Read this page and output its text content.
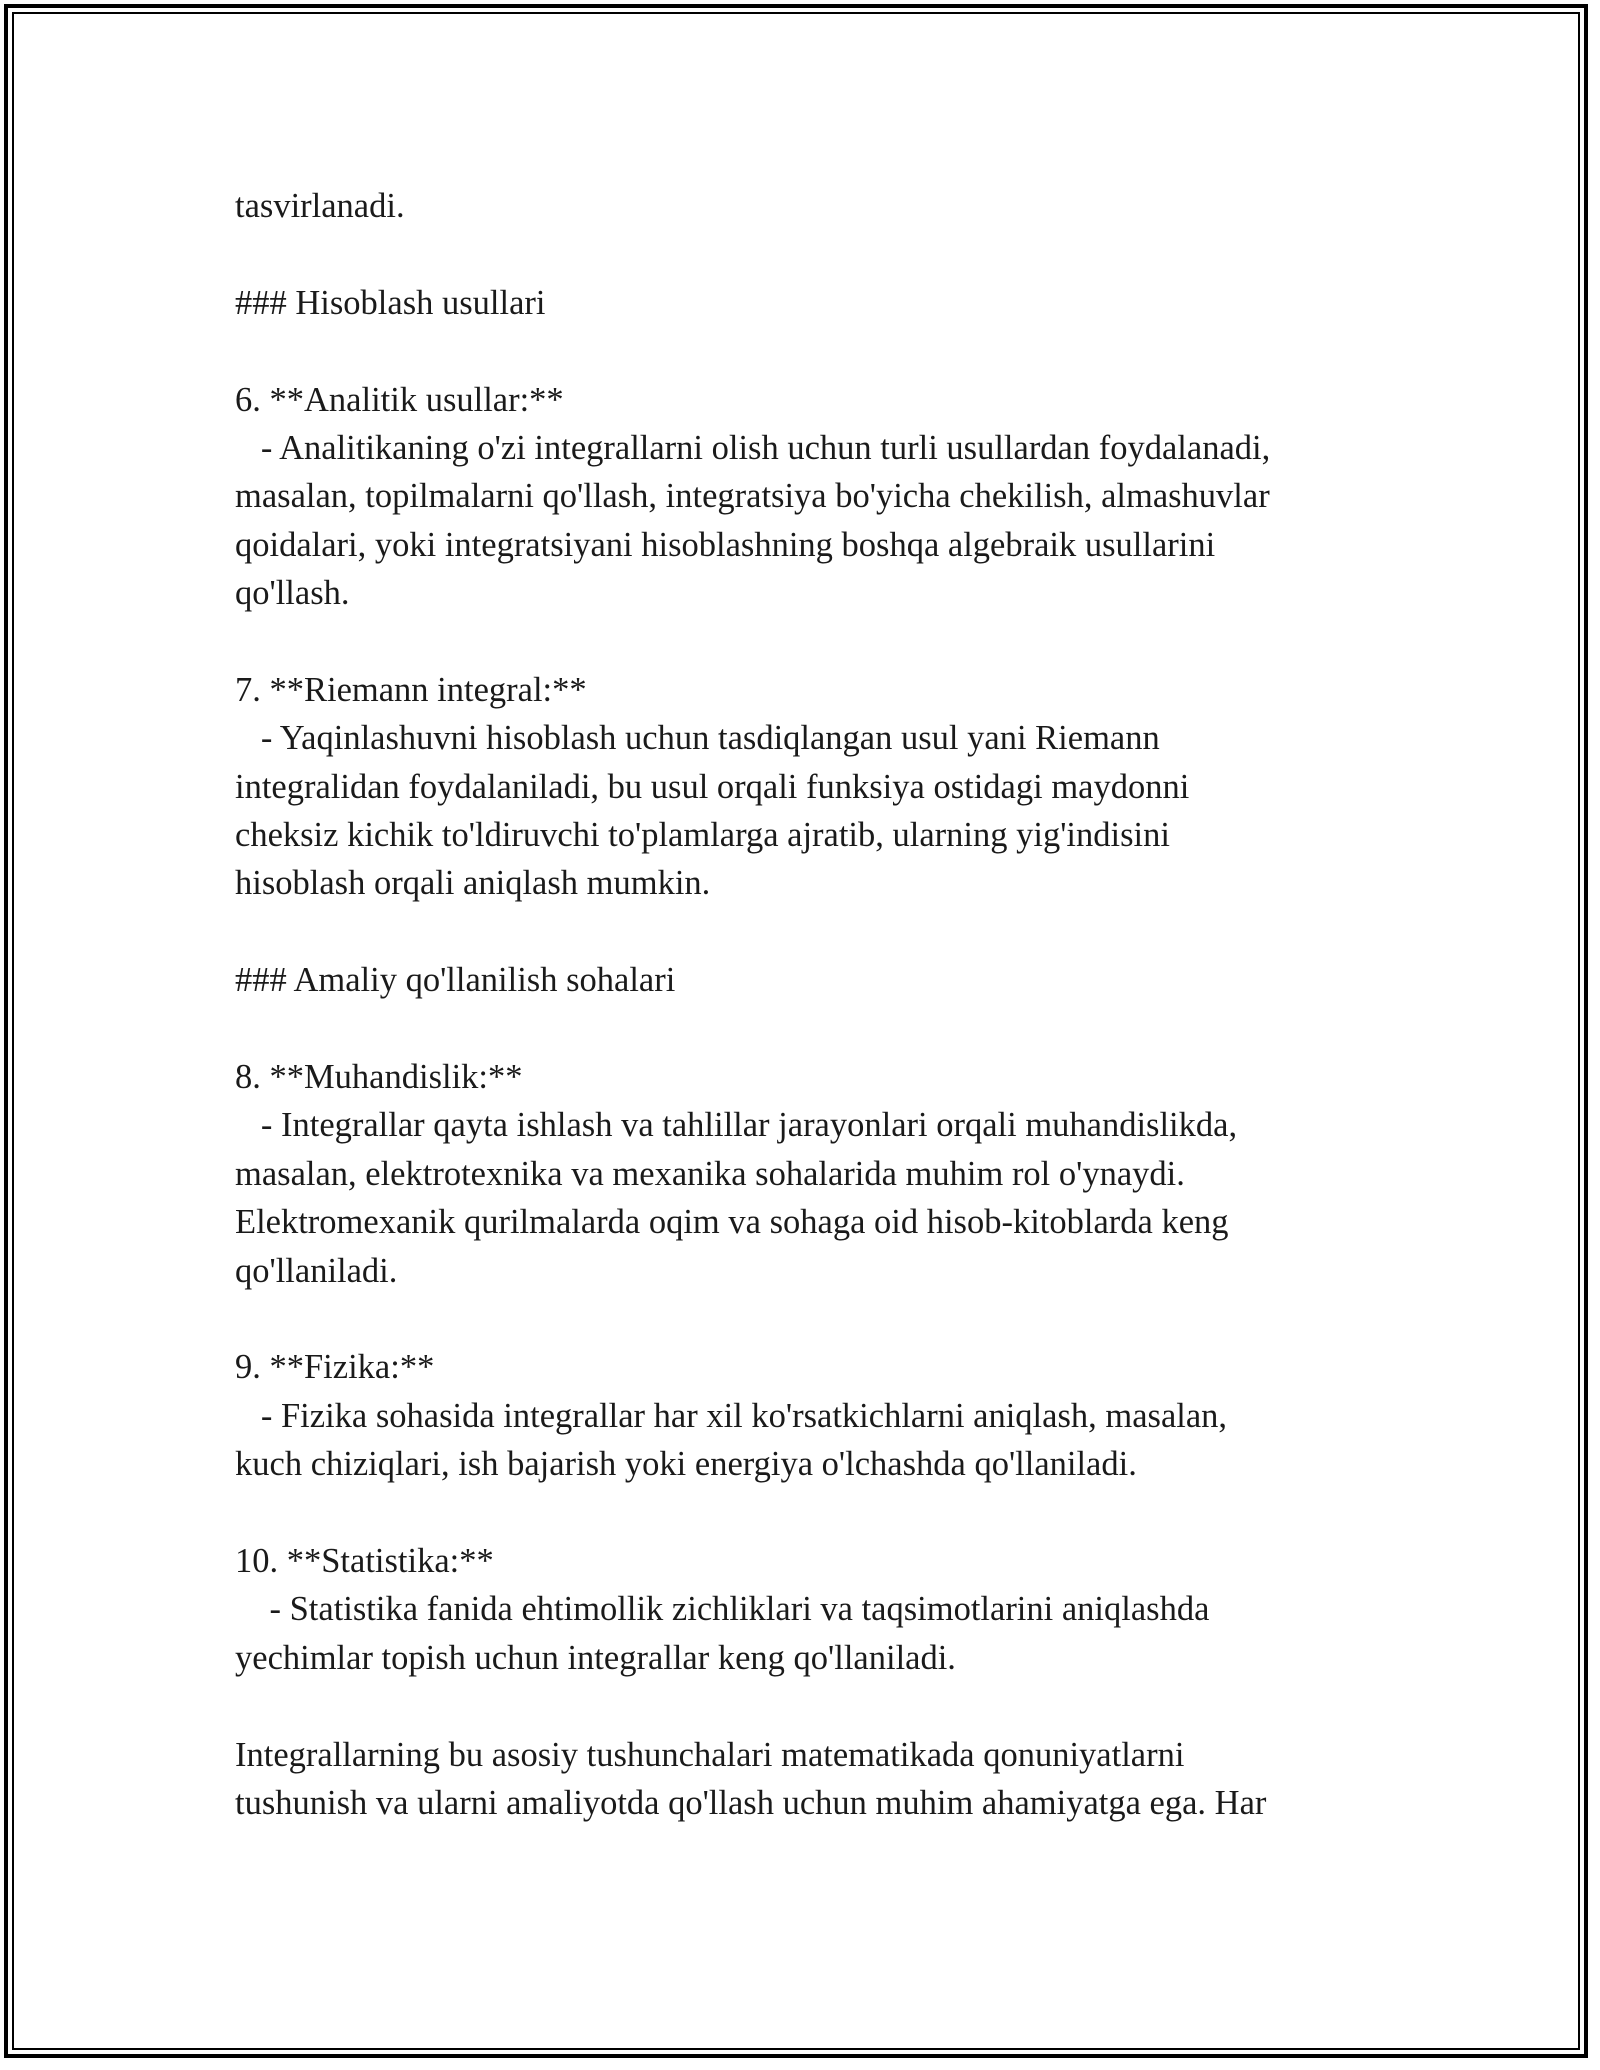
tasvirlanadi.
### Hisoblash usullari
6. **Analitik usullar:**
- Analitikaning o'zi integrallarni olish uchun turli usullardan foydalanadi,
masalan, topilmalarni qo'llash, integratsiya bo'yicha chekilish, almashuvlar
qoidalari, yoki integratsiyani hisoblashning boshqa algebraik usullarini
qo'llash.
7. **Riemann integral:**
- Yaqinlashuvni hisoblash uchun tasdiqlangan usul yani Riemann
integralidan foydalaniladi, bu usul orqali funksiya ostidagi maydonni
cheksiz kichik to'ldiruvchi to'plamlarga ajratib, ularning yig'indisini
hisoblash orqali aniqlash mumkin.
### Amaliy qo'llanilish sohalari
8. **Muhandislik:**
- Integrallar qayta ishlash va tahlillar jarayonlari orqali muhandislikda,
masalan, elektrotexnika va mexanika sohalarida muhim rol o'ynaydi.
Elektromexanik qurilmalarda oqim va sohaga oid hisob-kitoblarda keng
qo'llaniladi.
9. **Fizika:**
- Fizika sohasida integrallar har xil ko'rsatkichlarni aniqlash, masalan,
kuch chiziqlari, ish bajarish yoki energiya o'lchashda qo'llaniladi.
10. **Statistika:**
- Statistika fanida ehtimollik zichliklari va taqsimotlarini aniqlashda
yechimlar topish uchun integrallar keng qo'llaniladi.
Integrallarning bu asosiy tushunchalari matematikada qonuniyatlarni
tushunish va ularni amaliyotda qo'llash uchun muhim ahamiyatga ega. Har
